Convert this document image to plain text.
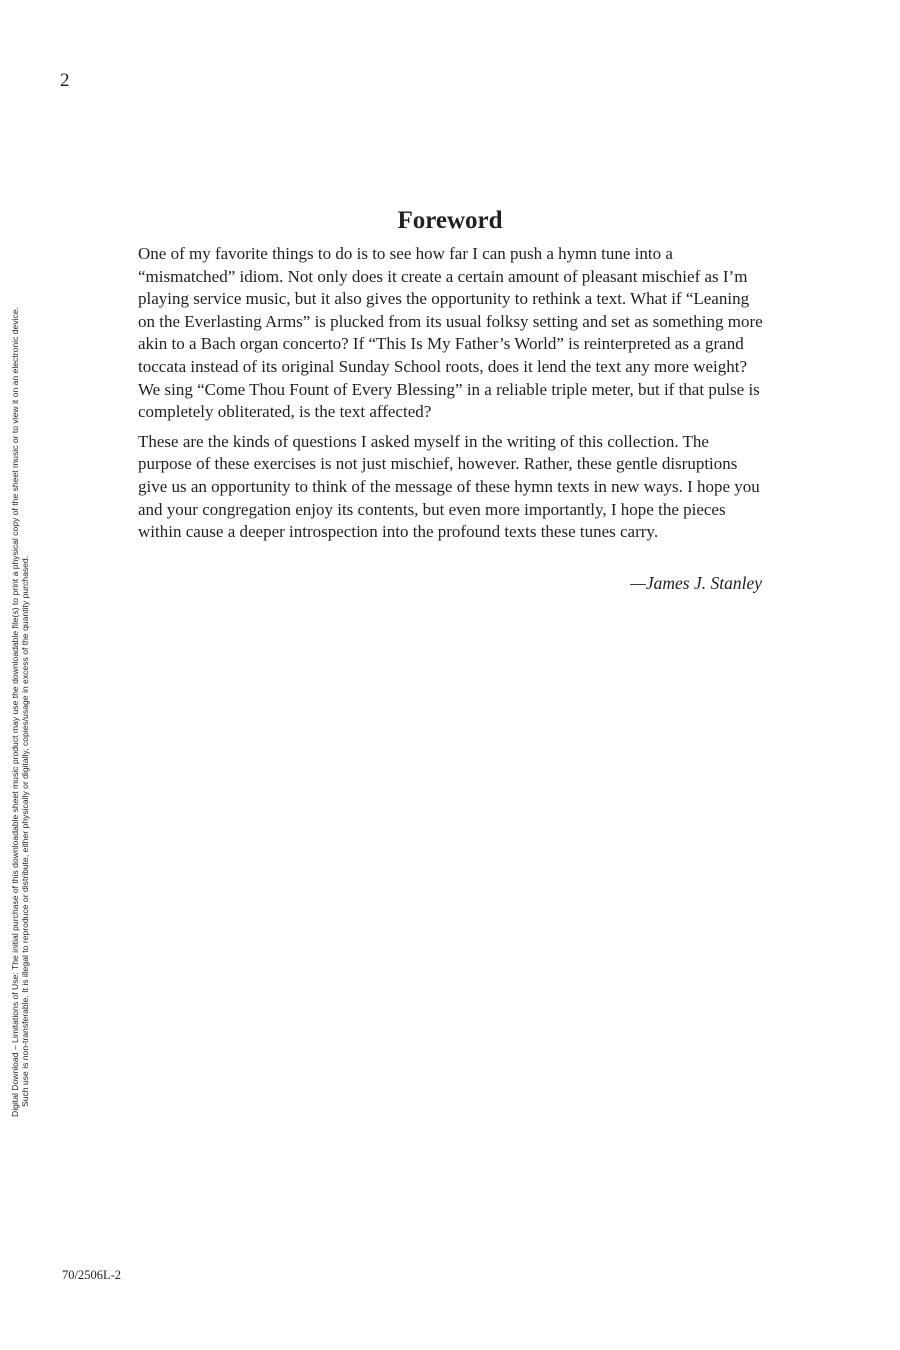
2
Digital Download – Limitations of Use: The initial purchase of this downloadable sheet music product may use the downloadable file(s) to print a physical copy of the sheet music or to view it on an electronic device. Such use is non-transferable. It is illegal to reproduce or distribute, either physically or digitally, copies/usage in excess of the quantity purchased.
Foreword

One of my favorite things to do is to see how far I can push a hymn tune into a “mismatched” idiom. Not only does it create a certain amount of pleasant mischief as I’m playing service music, but it also gives the opportunity to rethink a text. What if “Leaning on the Everlasting Arms” is plucked from its usual folksy setting and set as something more akin to a Bach organ concerto? If “This Is My Father’s World” is reinterpreted as a grand toccata instead of its original Sunday School roots, does it lend the text any more weight? We sing “Come Thou Fount of Every Blessing” in a reliable triple meter, but if that pulse is completely obliterated, is the text affected?

These are the kinds of questions I asked myself in the writing of this collection. The purpose of these exercises is not just mischief, however. Rather, these gentle disruptions give us an opportunity to think of the message of these hymn texts in new ways. I hope you and your congregation enjoy its contents, but even more importantly, I hope the pieces within cause a deeper introspection into the profound texts these tunes carry.

—James J. Stanley
70/2506L-2
